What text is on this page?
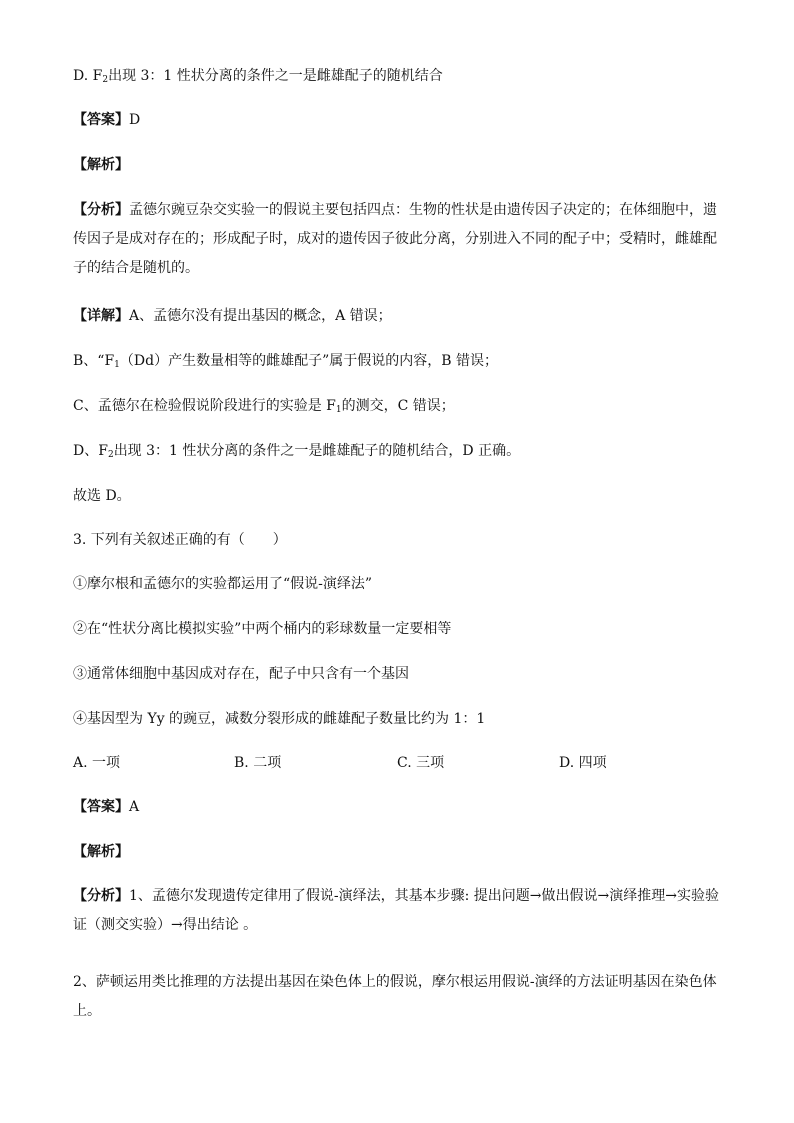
D. $F_2$出现 3：1 性状分离的条件之一是雌雄配子的随机结合
【答案】D
【解析】
【分析】孟德尔豌豆杂交实验一的假说主要包括四点：生物的性状是由遗传因子决定的；在体细胞中，遗传因子是成对存在的；形成配子时，成对的遗传因子彼此分离，分别进入不同的配子中；受精时，雌雄配子的结合是随机的。
【详解】A、孟德尔没有提出基因的概念，A 错误；
B、“$F_1(Dd)$产生数量相等的雌雄配子”属于假说的内容，B 错误；
C、孟德尔在检验假说阶段进行的实验是 $F_1$的测交，C 错误；
D、$F_2$出现 3：1 性状分离的条件之一是雌雄配子的随机结合，D 正确。
故选 D。
3. 下列有关叙述正确的有（　　）
①摩尔根和孟德尔的实验都运用了“假说-演绎法”
②在“性状分离比模拟实验”中两个桶内的彩球数量一定要相等
③通常体细胞中基因成对存在，配子中只含有一个基因
④基因型为 Yy 的豌豆，减数分裂形成的雌雄配子数量比约为 1：1
A. 一项	B. 二项	C. 三项	D. 四项
【答案】A
【解析】
【分析】1、孟德尔发现遗传定律用了假说-演绎法，其基本步骤: 提出问题→做出假说→演绎推理→实验验证（测交实验）→得出结论 。
2、萨顿运用类比推理的方法提出基因在染色体上的假说，摩尔根运用假说-演绎的方法证明基因在染色体上。
